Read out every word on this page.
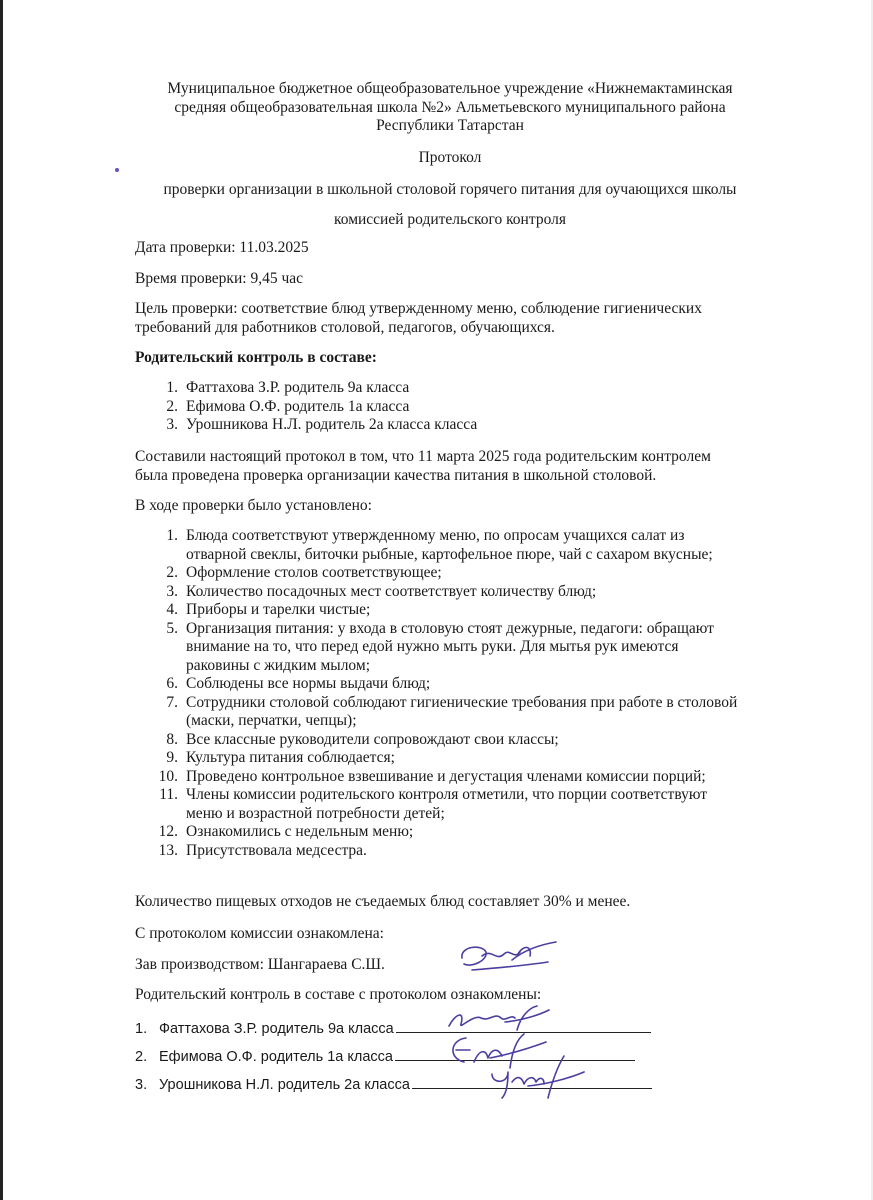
Муниципальное бюджетное общеобразовательное учреждение «Нижнемактаминская
средняя общеобразовательная школа №2» Альметьевского муниципального района
Республики Татарстан
Протокол
проверки организации в школьной столовой горячего питания для оучающихся школы
комиссией родительского контроля
Дата проверки: 11.03.2025
Время проверки: 9,45 час
Цель проверки: соответствие блюд утвержденному меню, соблюдение гигиенических
требований для работников столовой, педагогов, обучающихся.
Родительский контроль в составе:
1. Фаттахова З.Р. родитель 9а класса
2. Ефимова О.Ф. родитель 1а класса
3. Урошникова Н.Л. родитель 2а класса класса
Составили настоящий протокол в том, что 11 марта 2025 года родительским контролем
была проведена проверка организации качества питания в школьной столовой.
В ходе проверки было установлено:
1. Блюда соответствуют утвержденному меню, по опросам учащихся салат из
отварной свеклы, биточки рыбные, картофельное пюре, чай с сахаром вкусные;
2. Оформление столов соответствующее;
3. Количество посадочных мест соответствует количеству блюд;
4. Приборы и тарелки чистые;
5. Организация питания: у входа в столовую стоят дежурные, педагоги: обращают
внимание на то, что перед едой нужно мыть руки. Для мытья рук имеются
раковины с жидким мылом;
6. Соблюдены все нормы выдачи блюд;
7. Сотрудники столовой соблюдают гигиенические требования при работе в столовой
(маски, перчатки, чепцы);
8. Все классные руководители сопровождают свои классы;
9. Культура питания соблюдается;
10. Проведено контрольное взвешивание и дегустация членами комиссии порций;
11. Члены комиссии родительского контроля отметили, что порции соответствуют
меню и возрастной потребности детей;
12. Ознакомились с недельным меню;
13. Присутствовала медсестра.
Количество пищевых отходов не съедаемых блюд составляет 30% и менее.
С протоколом комиссии ознакомлена:
Зав производством: Шангараева С.Ш.
Родительский контроль в составе с протоколом ознакомлены:
1. Фаттахова З.Р. родитель 9а класса
2. Ефимова О.Ф. родитель 1а класса
3. Урошникова Н.Л. родитель 2а класса
